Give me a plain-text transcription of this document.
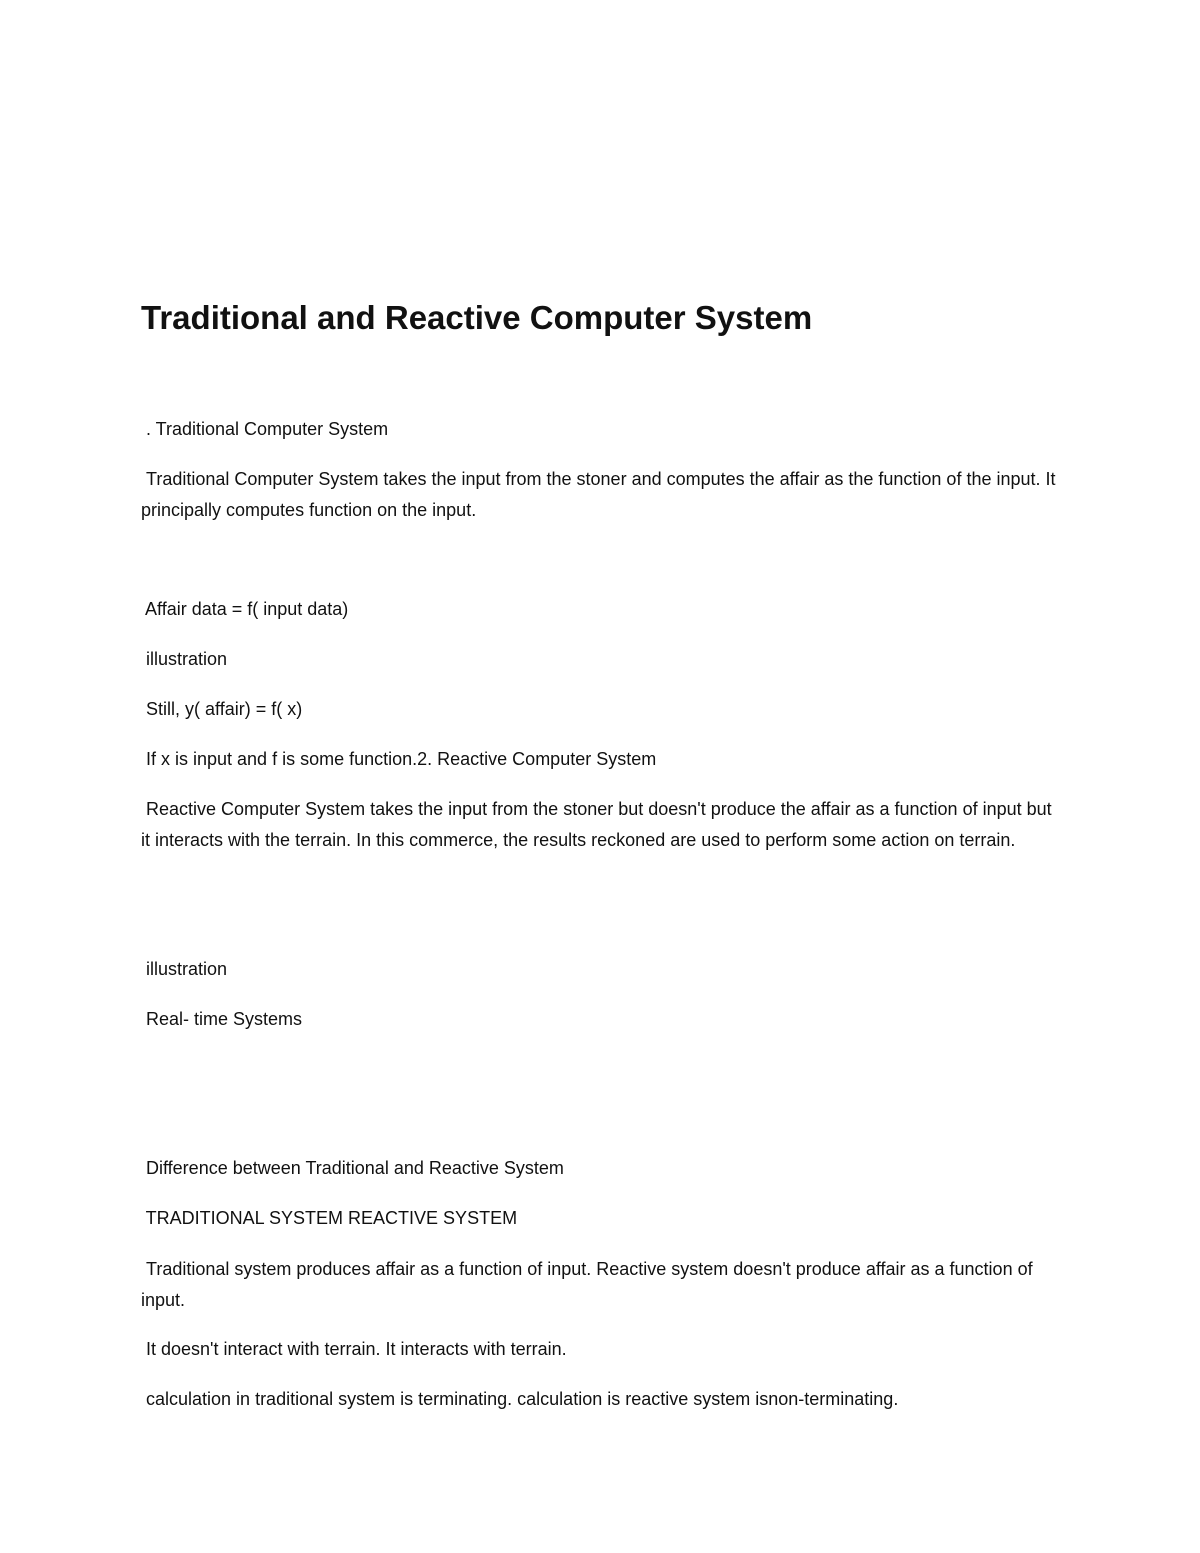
Traditional and Reactive Computer System

. Traditional Computer System

Traditional Computer System takes the input from the stoner and computes the affair as the function of the input. It principally computes function on the input.

Affair data = f( input data)

illustration

Still, y( affair) = f( x)

If x is input and f is some function.2. Reactive Computer System

Reactive Computer System takes the input from the stoner but doesn't produce the affair as a function of input but it interacts with the terrain. In this commerce, the results reckoned are used to perform some action on terrain.

illustration

Real- time Systems

Difference between Traditional and Reactive System

TRADITIONAL SYSTEM REACTIVE SYSTEM

Traditional system produces affair as a function of input. Reactive system doesn't produce affair as a function of input.

It doesn't interact with terrain. It interacts with terrain.

calculation in traditional system is terminating. calculation is reactive system isnon-terminating.
